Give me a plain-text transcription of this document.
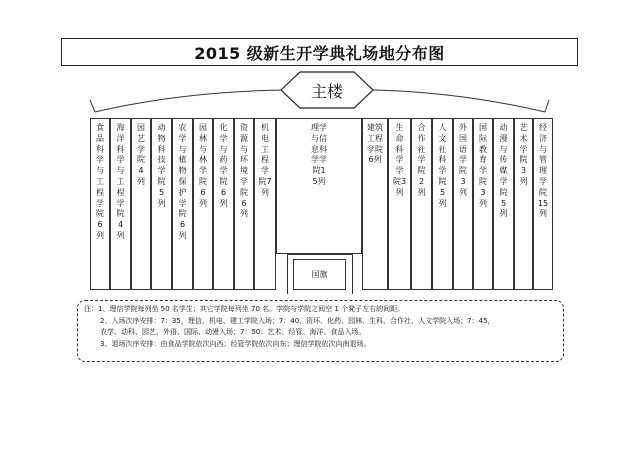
2015 级新生开学典礼场地分布图
主楼
食品科学与工程学院6列
海洋科学与工程学院4列
园艺学院4列
动物科技学院5列
农学与植物保护学院6列
园林与林学院6列
化学与药学院6列
资源与环境学院6列
机电工程学院7列
理学与信息科学学院15列
建筑工程学院6列
生命科学学院3列
合作社学院2列
人文社科学院5列
外国语学院3列
国际教育学院3列
动漫与传媒学院5列
艺术学院3列
经济与管理学院15列
国旗

注：1、理信学院每列坐 50 名学生；其它学院每列坐 70 名。学院与学院之间空 1 个凳子左右的间距。

2、入场次序安排：7：35，理信、机电、建工学院入场；7：40，资环、化药、园林、生科、合作社、人文学院入场；7：45，

农学、动科、园艺、外语、国际、动漫入场；7：50：艺术、经管、海洋、食品入场。

3、退场次序安排：由食品学院依次向西；经管学院依次向东；理信学院依次向南退场。
